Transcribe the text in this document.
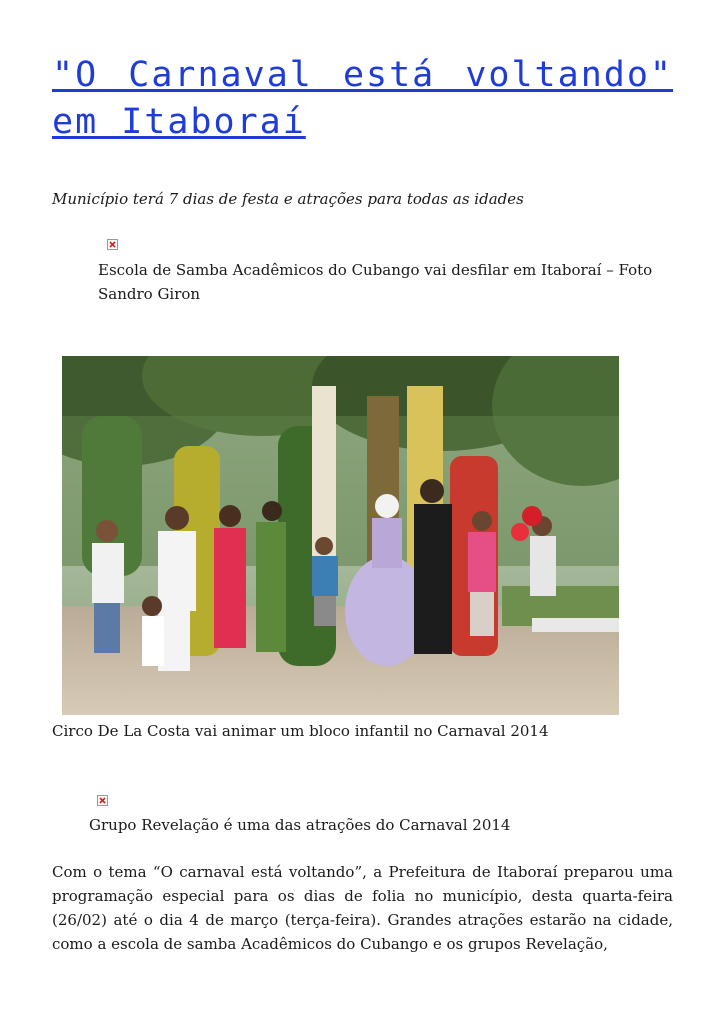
"O Carnaval está voltando" em Itaboraí

Município terá 7 dias de festa e atrações para todas as idades

Escola de Samba Acadêmicos do Cubango vai desfilar em Itaboraí – Foto Sandro Giron

Circo De La Costa vai animar um bloco infantil no Carnaval 2014

Grupo Revelação é uma das atrações do Carnaval 2014

Com o tema “O carnaval está voltando”, a Prefeitura de Itaboraí preparou uma programação especial para os dias de folia no município, desta quarta-feira (26/02) até o dia 4 de março (terça-feira). Grandes atrações estarão na cidade, como a escola de samba Acadêmicos do Cubango e os grupos Revelação,
